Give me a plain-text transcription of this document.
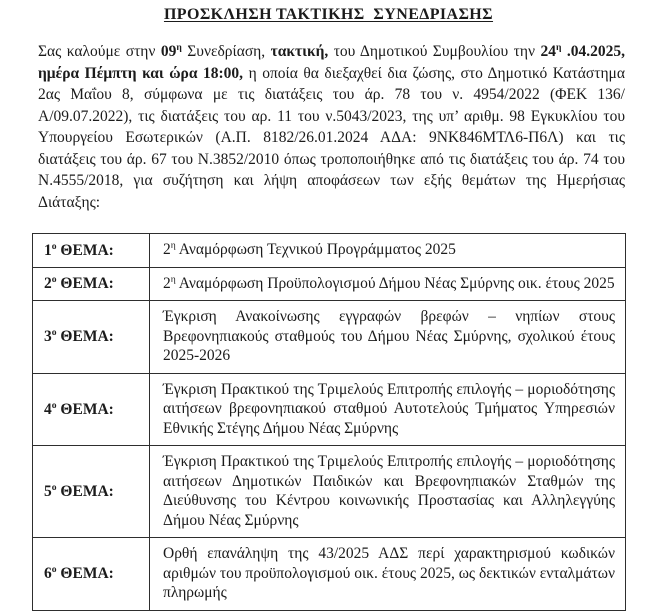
ΠΡΟΣΚΛΗΣΗ ΤΑΚΤΙΚΗΣ  ΣΥΝΕΔΡΙΑΣΗΣ

Σας καλούμε στην $09^\eta$ Συνεδρίαση, τακτική, του Δημοτικού Συμβουλίου την $24^\eta$ .04.2025, ημέρα Πέμπτη και ώρα 18:00, η οποία θα διεξαχθεί δια ζώσης, στο Δημοτικό Κατάστημα 2ας Μαΐου 8, σύμφωνα με τις διατάξεις του άρ. 78 του ν. 4954/2022 (ΦΕΚ 136/Α/09.07.2022), τις διατάξεις του αρ. 11 του ν.5043/2023, της υπ’ αριθμ. 98 Εγκυκλίου του Υπουργείου Εσωτερικών (Α.Π. 8182/26.01.2024 ΑΔΑ: 9ΝΚ846ΜΤΛ6-Π6Λ) και τις διατάξεις του άρ. 67 του Ν.3852/2010 όπως τροποποιήθηκε από τις διατάξεις του άρ. 74 του Ν.4555/2018, για συζήτηση και λήψη αποφάσεων των εξής θεμάτων της Ημερήσιας Διάταξης:

$1^o$ ΘΕΜΑ:	$2^\eta$ Αναμόρφωση Τεχνικού Προγράμματος 2025
$2^o$ ΘΕΜΑ:	$2^\eta$ Αναμόρφωση Προϋπολογισμού Δήμου Νέας Σμύρνης οικ. έτους 2025
$3^o$ ΘΕΜΑ:	Έγκριση Ανακοίνωσης εγγραφών βρεφών – νηπίων στους Βρεφονηπιακούς σταθμούς του Δήμου Νέας Σμύρνης, σχολικού έτους 2025-2026
$4^o$ ΘΕΜΑ:	Έγκριση Πρακτικού της Τριμελούς Επιτροπής επιλογής – μοριοδότησης αιτήσεων βρεφονηπιακού σταθμού Αυτοτελούς Τμήματος Υπηρεσιών Εθνικής Στέγης Δήμου Νέας Σμύρνης
$5^o$ ΘΕΜΑ:	Έγκριση Πρακτικού της Τριμελούς Επιτροπής επιλογής – μοριοδότησης αιτήσεων Δημοτικών Παιδικών και Βρεφονηπιακών Σταθμών της Διεύθυνσης του Κέντρου κοινωνικής Προστασίας και Αλληλεγγύης Δήμου Νέας Σμύρνης
$6^o$ ΘΕΜΑ:	Ορθή επανάληψη της 43/2025 ΑΔΣ περί χαρακτηρισμού κωδικών αριθμών του προϋπολογισμού οικ. έτους 2025, ως δεκτικών ενταλμάτων πληρωμής
